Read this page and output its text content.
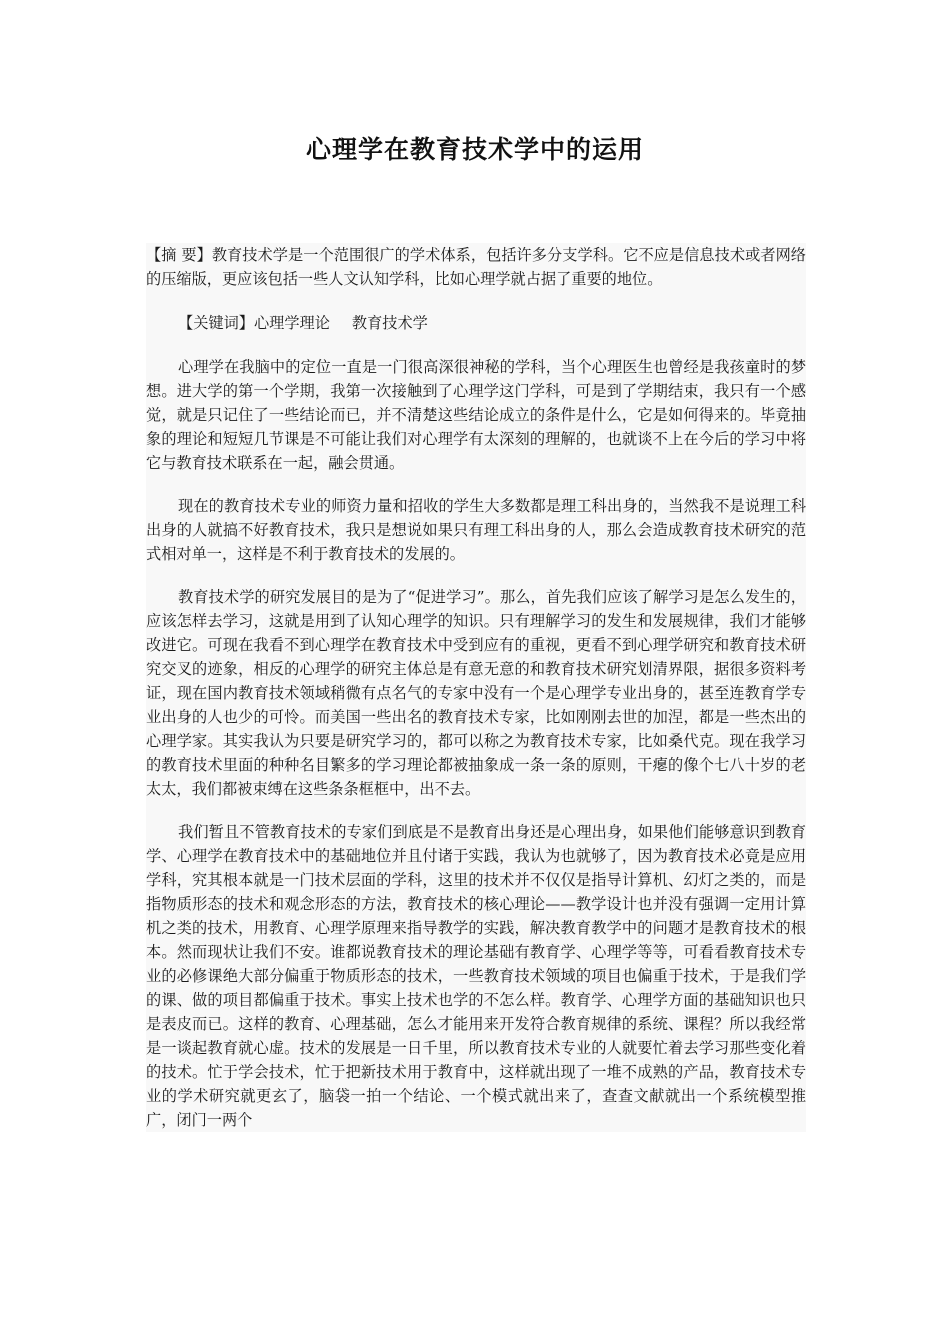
心理学在教育技术学中的运用

【摘 要】教育技术学是一个范围很广的学术体系，包括许多分支学科。它不应是信息技术或者网络的压缩版，更应该包括一些人文认知学科，比如心理学就占据了重要的地位。

【关键词】心理学理论 教育技术学

心理学在我脑中的定位一直是一门很高深很神秘的学科，当个心理医生也曾经是我孩童时的梦想。进大学的第一个学期，我第一次接触到了心理学这门学科，可是到了学期结束，我只有一个感觉，就是只记住了一些结论而已，并不清楚这些结论成立的条件是什么，它是如何得来的。毕竟抽象的理论和短短几节课是不可能让我们对心理学有太深刻的理解的，也就谈不上在今后的学习中将它与教育技术联系在一起，融会贯通。

现在的教育技术专业的师资力量和招收的学生大多数都是理工科出身的，当然我不是说理工科出身的人就搞不好教育技术，我只是想说如果只有理工科出身的人，那么会造成教育技术研究的范式相对单一，这样是不利于教育技术的发展的。

教育技术学的研究发展目的是为了“促进学习”。那么，首先我们应该了解学习是怎么发生的，应该怎样去学习，这就是用到了认知心理学的知识。只有理解学习的发生和发展规律，我们才能够改进它。可现在我看不到心理学在教育技术中受到应有的重视，更看不到心理学研究和教育技术研究交叉的迹象，相反的心理学的研究主体总是有意无意的和教育技术研究划清界限，据很多资料考证，现在国内教育技术领域稍微有点名气的专家中没有一个是心理学专业出身的，甚至连教育学专业出身的人也少的可怜。而美国一些出名的教育技术专家，比如刚刚去世的加涅，都是一些杰出的心理学家。其实我认为只要是研究学习的，都可以称之为教育技术专家，比如桑代克。现在我学习的教育技术里面的种种名目繁多的学习理论都被抽象成一条一条的原则，干瘪的像个七八十岁的老太太，我们都被束缚在这些条条框框中，出不去。

我们暂且不管教育技术的专家们到底是不是教育出身还是心理出身，如果他们能够意识到教育学、心理学在教育技术中的基础地位并且付诸于实践，我认为也就够了，因为教育技术必竟是应用学科，究其根本就是一门技术层面的学科，这里的技术并不仅仅是指导计算机、幻灯之类的，而是指物质形态的技术和观念形态的方法，教育技术的核心理论——教学设计也并没有强调一定用计算机之类的技术，用教育、心理学原理来指导教学的实践，解决教育教学中的问题才是教育技术的根本。然而现状让我们不安。谁都说教育技术的理论基础有教育学、心理学等等，可看看教育技术专业的必修课绝大部分偏重于物质形态的技术，一些教育技术领域的项目也偏重于技术，于是我们学的课、做的项目都偏重于技术。事实上技术也学的不怎么样。教育学、心理学方面的基础知识也只是表皮而已。这样的教育、心理基础，怎么才能用来开发符合教育规律的系统、课程？所以我经常是一谈起教育就心虚。技术的发展是一日千里，所以教育技术专业的人就要忙着去学习那些变化着的技术。忙于学会技术，忙于把新技术用于教育中，这样就出现了一堆不成熟的产品，教育技术专业的学术研究就更玄了，脑袋一拍一个结论、一个模式就出来了，查查文献就出一个系统模型推广，闭门一两个
